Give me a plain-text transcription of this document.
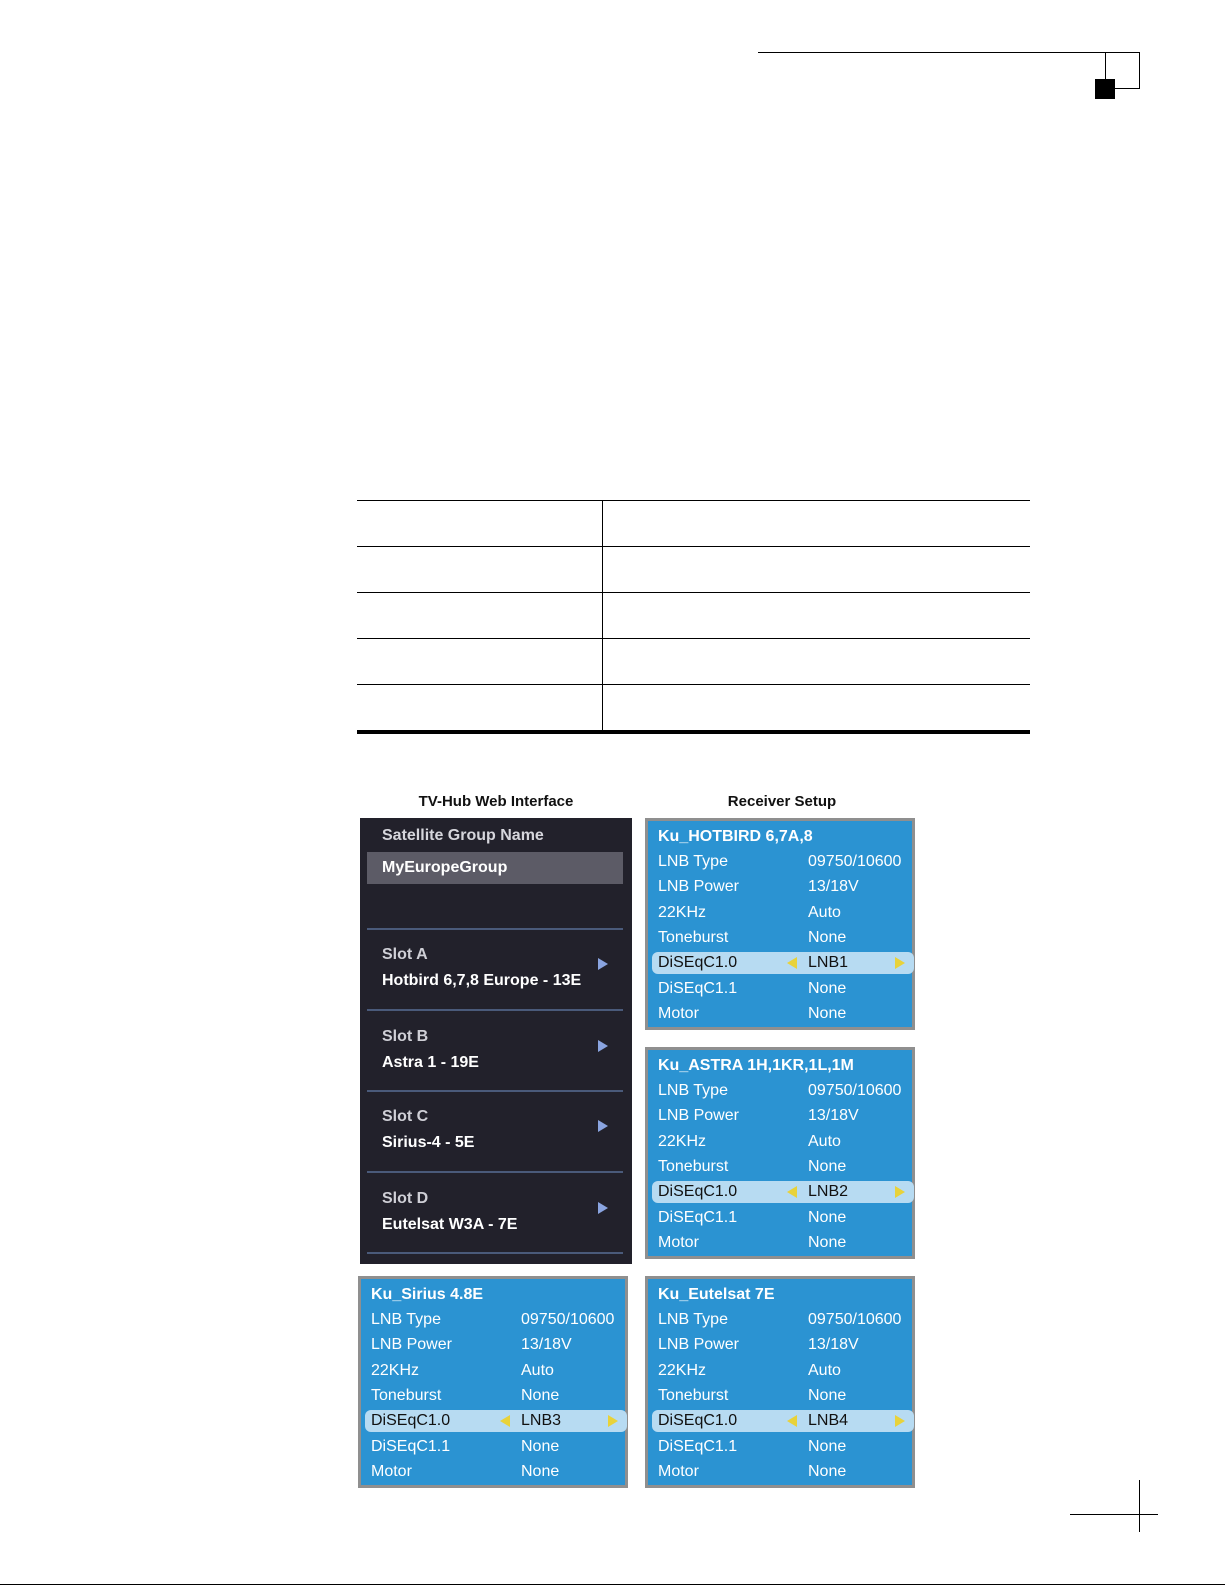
TV-Hub Web Interface	Receiver Setup
Satellite Group Name
MyEuropeGroup
Slot A
Hotbird 6,7,8 Europe - 13E
Slot B
Astra 1 - 19E
Slot C
Sirius-4 - 5E
Slot D
Eutelsat W3A - 7E
Ku_HOTBIRD 6,7A,8
LNB Type	09750/10600
LNB Power	13/18V
22KHz	Auto
Toneburst	None
DiSEqC1.0	LNB1
DiSEqC1.1	None
Motor	None
Ku_ASTRA 1H,1KR,1L,1M
LNB Type	09750/10600
LNB Power	13/18V
22KHz	Auto
Toneburst	None
DiSEqC1.0	LNB2
DiSEqC1.1	None
Motor	None
Ku_Sirius 4.8E
LNB Type	09750/10600
LNB Power	13/18V
22KHz	Auto
Toneburst	None
DiSEqC1.0	LNB3
DiSEqC1.1	None
Motor	None
Ku_Eutelsat 7E
LNB Type	09750/10600
LNB Power	13/18V
22KHz	Auto
Toneburst	None
DiSEqC1.0	LNB4
DiSEqC1.1	None
Motor	None
